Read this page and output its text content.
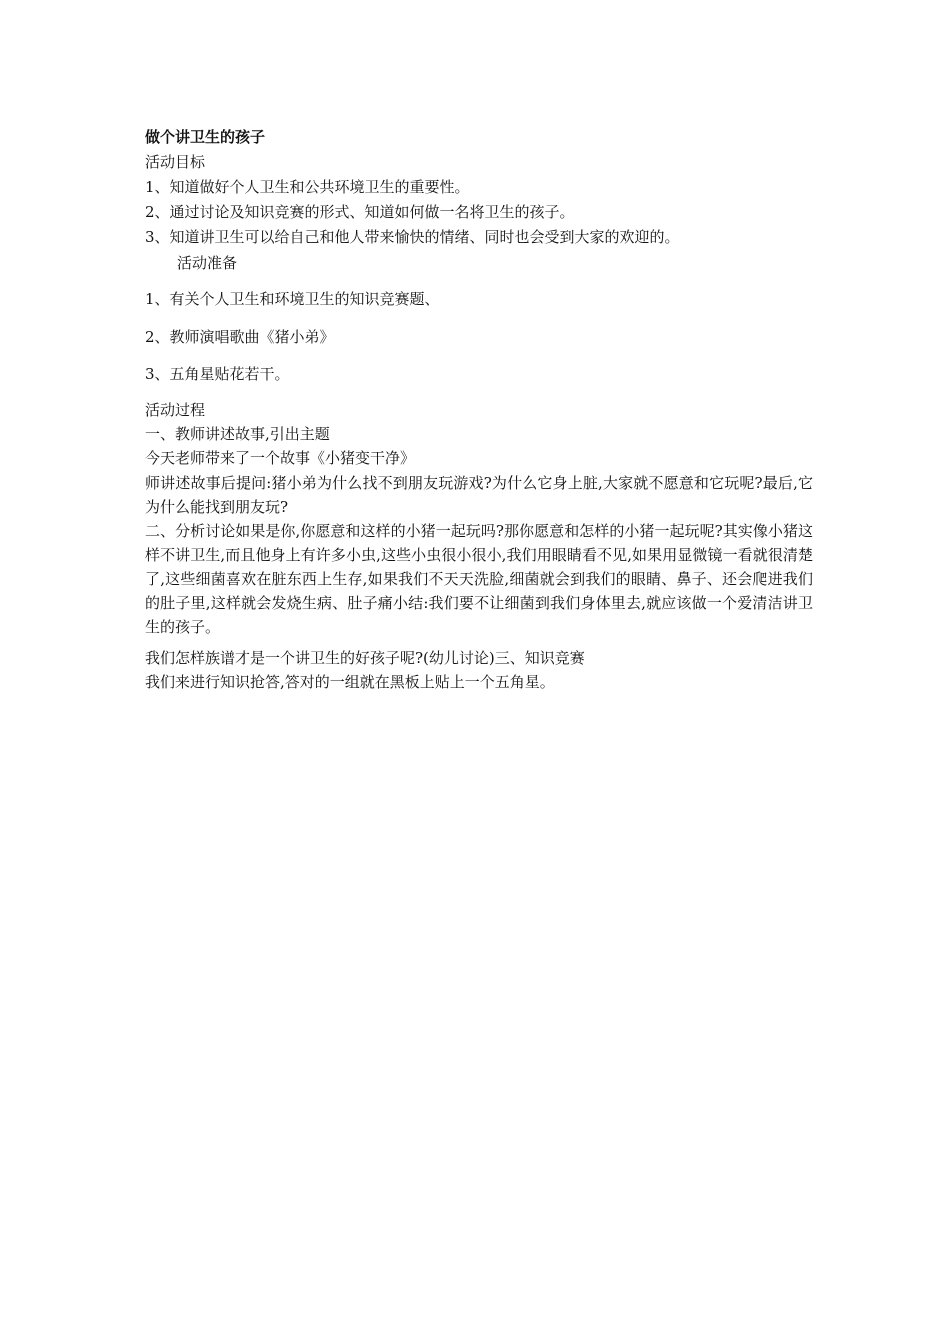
做个讲卫生的孩子
活动目标
1、知道做好个人卫生和公共环境卫生的重要性。
2、通过讨论及知识竞赛的形式、知道如何做一名将卫生的孩子。
3、知道讲卫生可以给自己和他人带来愉快的情绪、同时也会受到大家的欢迎的。
活动准备
1、有关个人卫生和环境卫生的知识竞赛题、
2、教师演唱歌曲《猪小弟》
3、五角星贴花若干。
活动过程
一、教师讲述故事,引出主题
今天老师带来了一个故事《小猪变干净》
师讲述故事后提问:猪小弟为什么找不到朋友玩游戏?为什么它身上脏,大家就不愿意和它玩呢?最后,它为什么能找到朋友玩?
二、分析讨论如果是你,你愿意和这样的小猪一起玩吗?那你愿意和怎样的小猪一起玩呢?其实像小猪这样不讲卫生,而且他身上有许多小虫,这些小虫很小很小,我们用眼睛看不见,如果用显微镜一看就很清楚了,这些细菌喜欢在脏东西上生存,如果我们不天天洗脸,细菌就会到我们的眼睛、鼻子、还会爬进我们的肚子里,这样就会发烧生病、肚子痛小结:我们要不让细菌到我们身体里去,就应该做一个爱清洁讲卫生的孩子。
我们怎样族谱才是一个讲卫生的好孩子呢?(幼儿讨论)三、知识竞赛
我们来进行知识抢答,答对的一组就在黑板上贴上一个五角星。
